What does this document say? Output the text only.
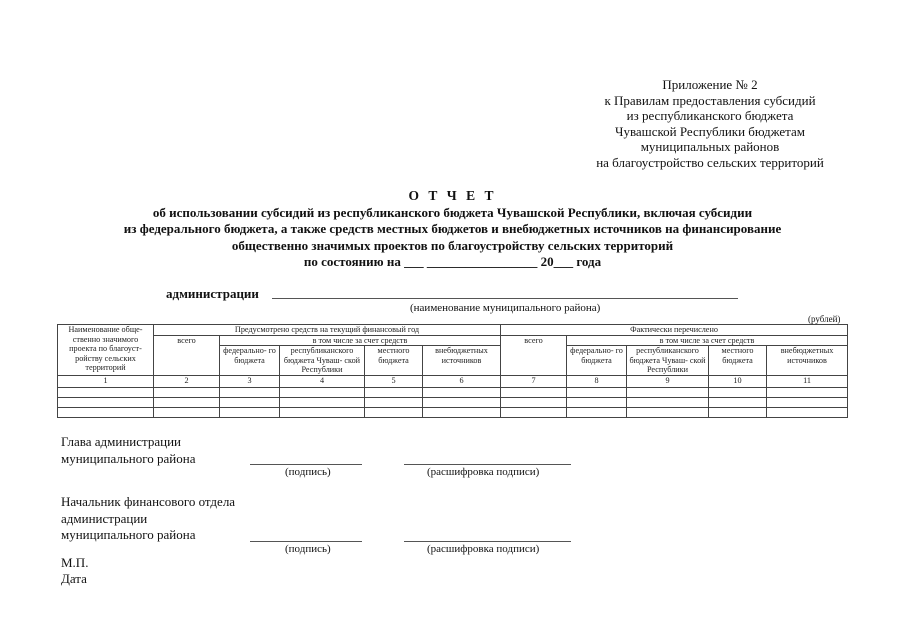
Приложение № 2
к Правилам предоставления субсидий
из республиканского бюджета
Чувашской Республики бюджетам
муниципальных районов
на благоустройство сельских территорий
О Т Ч Е Т
об использовании субсидий из республиканского бюджета Чувашской Республики, включая субсидии
из федерального бюджета, а также средств местных бюджетов и внебюджетных источников на финансирование
общественно значимых проектов по благоустройству сельских территорий
по состоянию на ___ _________________ 20___ года
администрации
(наименование муниципального района)
(рублей)
Наименование обще- ственно значимого проекта по благоуст- ройству сельских территорий	Предусмотрено средств на текущий финансовый год					Фактически перечислено				
	всего	в том числе за счет средств				всего	в том числе за счет средств			
		федерально- го бюджета	республиканского бюджета Чуваш- ской Республики	местного бюджета	внебюджетных источников		федерально- го бюджета	республиканского бюджета Чуваш- ской Республики	местного бюджета	внебюджетных источников
1	2	3	4	5	6	7	8	9	10	11

Глава администрации
муниципального района
(подпись)	(расшифровка подписи)
Начальник финансового отдела
администрации
муниципального района
(подпись)	(расшифровка подписи)
М.П.
Дата
